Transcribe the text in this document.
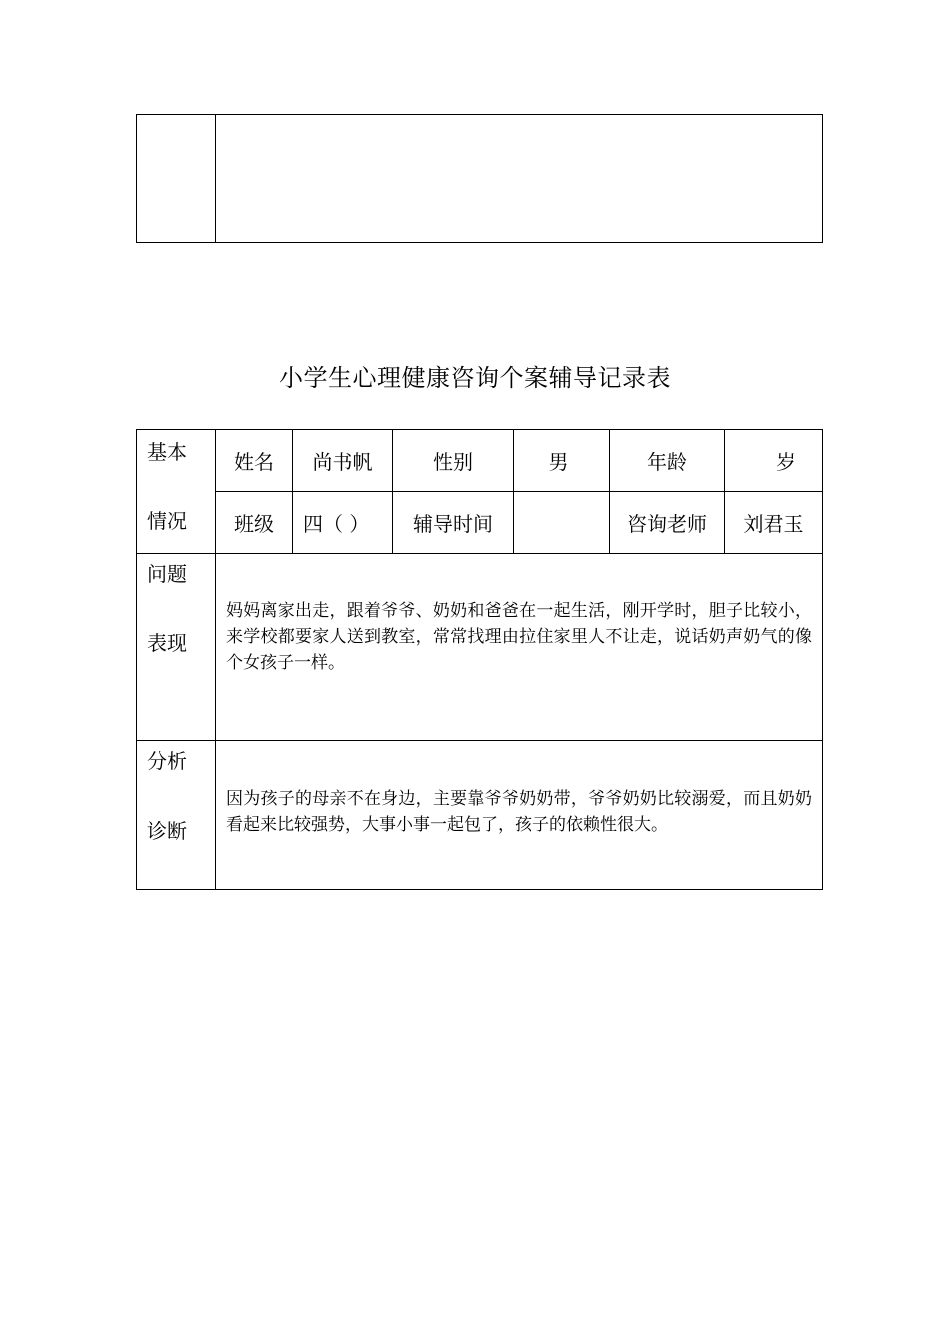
小学生心理健康咨询个案辅导记录表
基本
情况	姓名	尚书帆	性别	男	年龄	岁
	班级	四（ ）	辅导时间		咨询老师	刘君玉

问题
表现	妈妈离家出走，跟着爷爷、奶奶和爸爸在一起生活，刚开学时，胆子比较小，来学校都要家人送到教室，常常找理由拉住家里人不让走，说话奶声奶气的像个女孩子一样。					

分析
诊断	因为孩子的母亲不在身边，主要靠爷爷奶奶带，爷爷奶奶比较溺爱，而且奶奶看起来比较强势，大事小事一起包了，孩子的依赖性很大。					
